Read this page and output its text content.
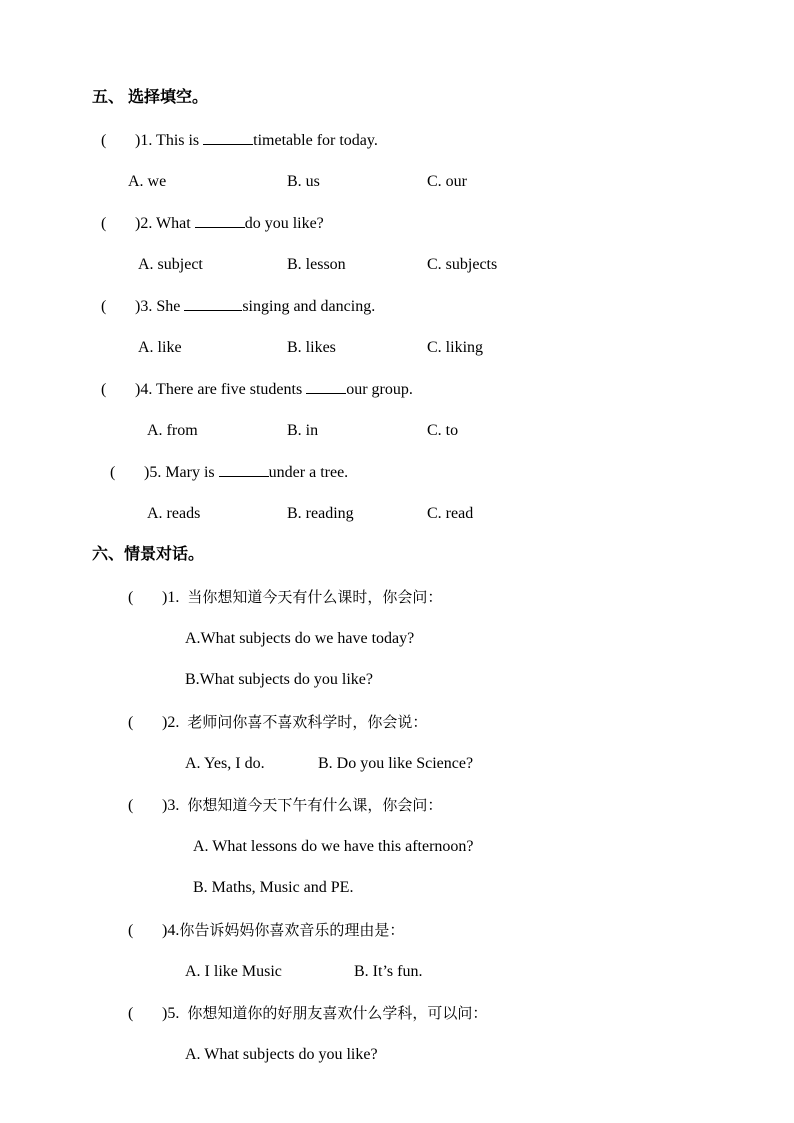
五、 选择填空。
( )1. This is	timetable for today.
A. we	B. us	C. our
( )2. What	do you like?
A. subject	B. lesson	C. subjects
( )3. She	singing and dancing.
A. like	B. likes	C. liking
( )4. There are five students	our group.
A. from	B. in	C. to
( )5. Mary is	under a tree.
A. reads	B. reading	C. read
六、情景对话。
( )1. 当你想知道今天有什么课时，你会问：
A.What subjects do we have today?
B.What subjects do you like?
( )2. 老师问你喜不喜欢科学时，你会说：
A. Yes, I do.	B. Do you like Science?
( )3. 你想知道今天下午有什么课，你会问：
A. What lessons do we have this afternoon?
B. Maths, Music and PE.
( )4.你告诉妈妈你喜欢音乐的理由是：
A. I like Music	B. It’s fun.
( )5. 你想知道你的好朋友喜欢什么学科，可以问：
A. What subjects do you like?
